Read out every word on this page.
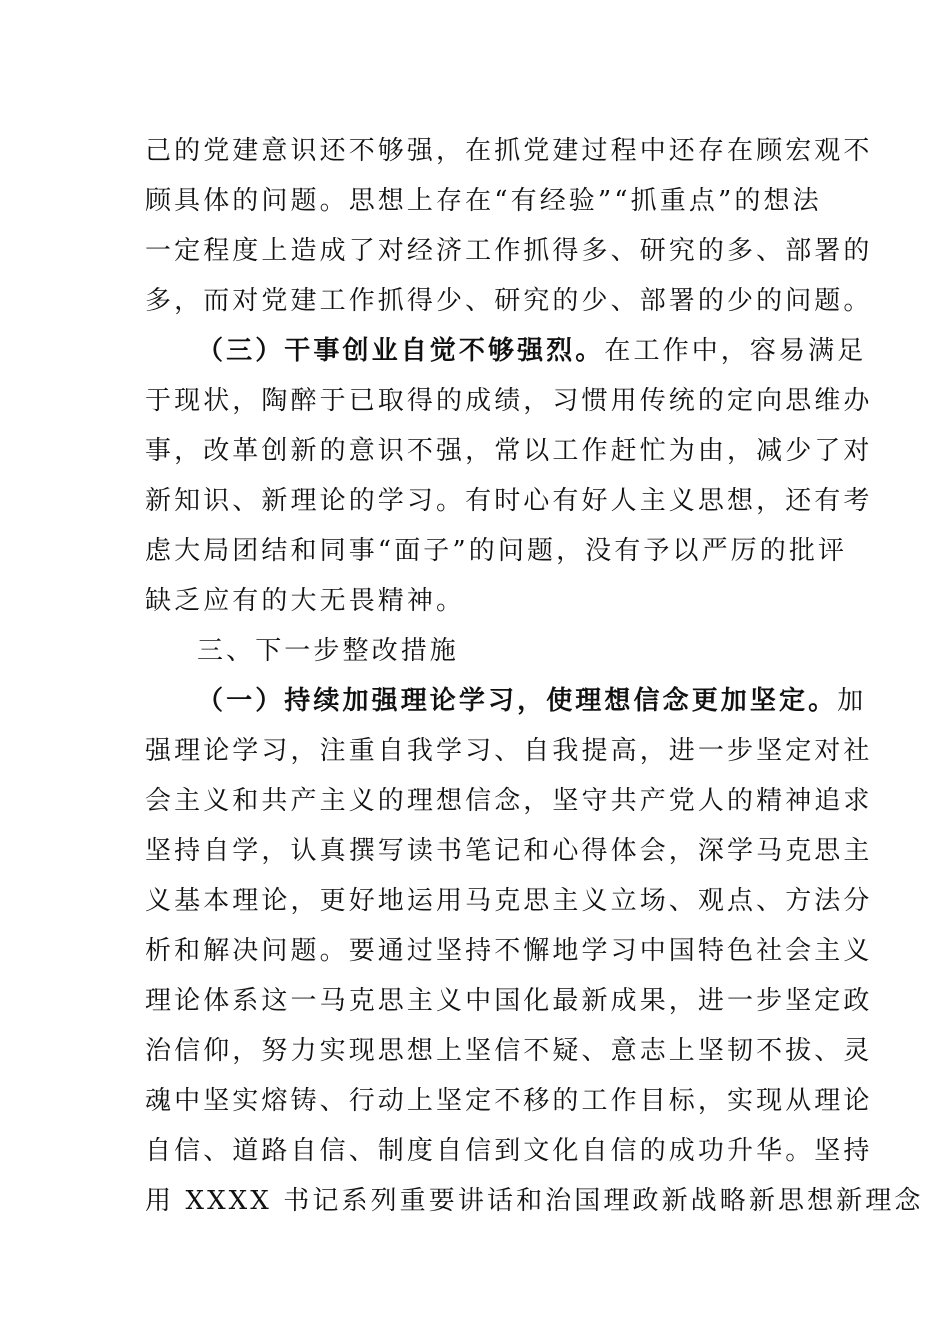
己的党建意识还不够强，在抓党建过程中还存在顾宏观不
顾具体的问题。思想上存在“有经验”“抓重点”的想法
一定程度上造成了对经济工作抓得多、研究的多、部署的
多，而对党建工作抓得少、研究的少、部署的少的问题。
（三）干事创业自觉不够强烈。在工作中，容易满足
于现状，陶醉于已取得的成绩，习惯用传统的定向思维办
事，改革创新的意识不强，常以工作赶忙为由，减少了对
新知识、新理论的学习。有时心有好人主义思想，还有考
虑大局团结和同事“面子”的问题，没有予以严厉的批评
缺乏应有的大无畏精神。
三、下一步整改措施
（一）持续加强理论学习，使理想信念更加坚定。加
强理论学习，注重自我学习、自我提高，进一步坚定对社
会主义和共产主义的理想信念，坚守共产党人的精神追求
坚持自学，认真撰写读书笔记和心得体会，深学马克思主
义基本理论，更好地运用马克思主义立场、观点、方法分
析和解决问题。要通过坚持不懈地学习中国特色社会主义
理论体系这一马克思主义中国化最新成果，进一步坚定政
治信仰，努力实现思想上坚信不疑、意志上坚韧不拔、灵
魂中坚实熔铸、行动上坚定不移的工作目标，实现从理论
自信、道路自信、制度自信到文化自信的成功升华。坚持
用 XXXX 书记系列重要讲话和治国理政新战略新思想新理念
